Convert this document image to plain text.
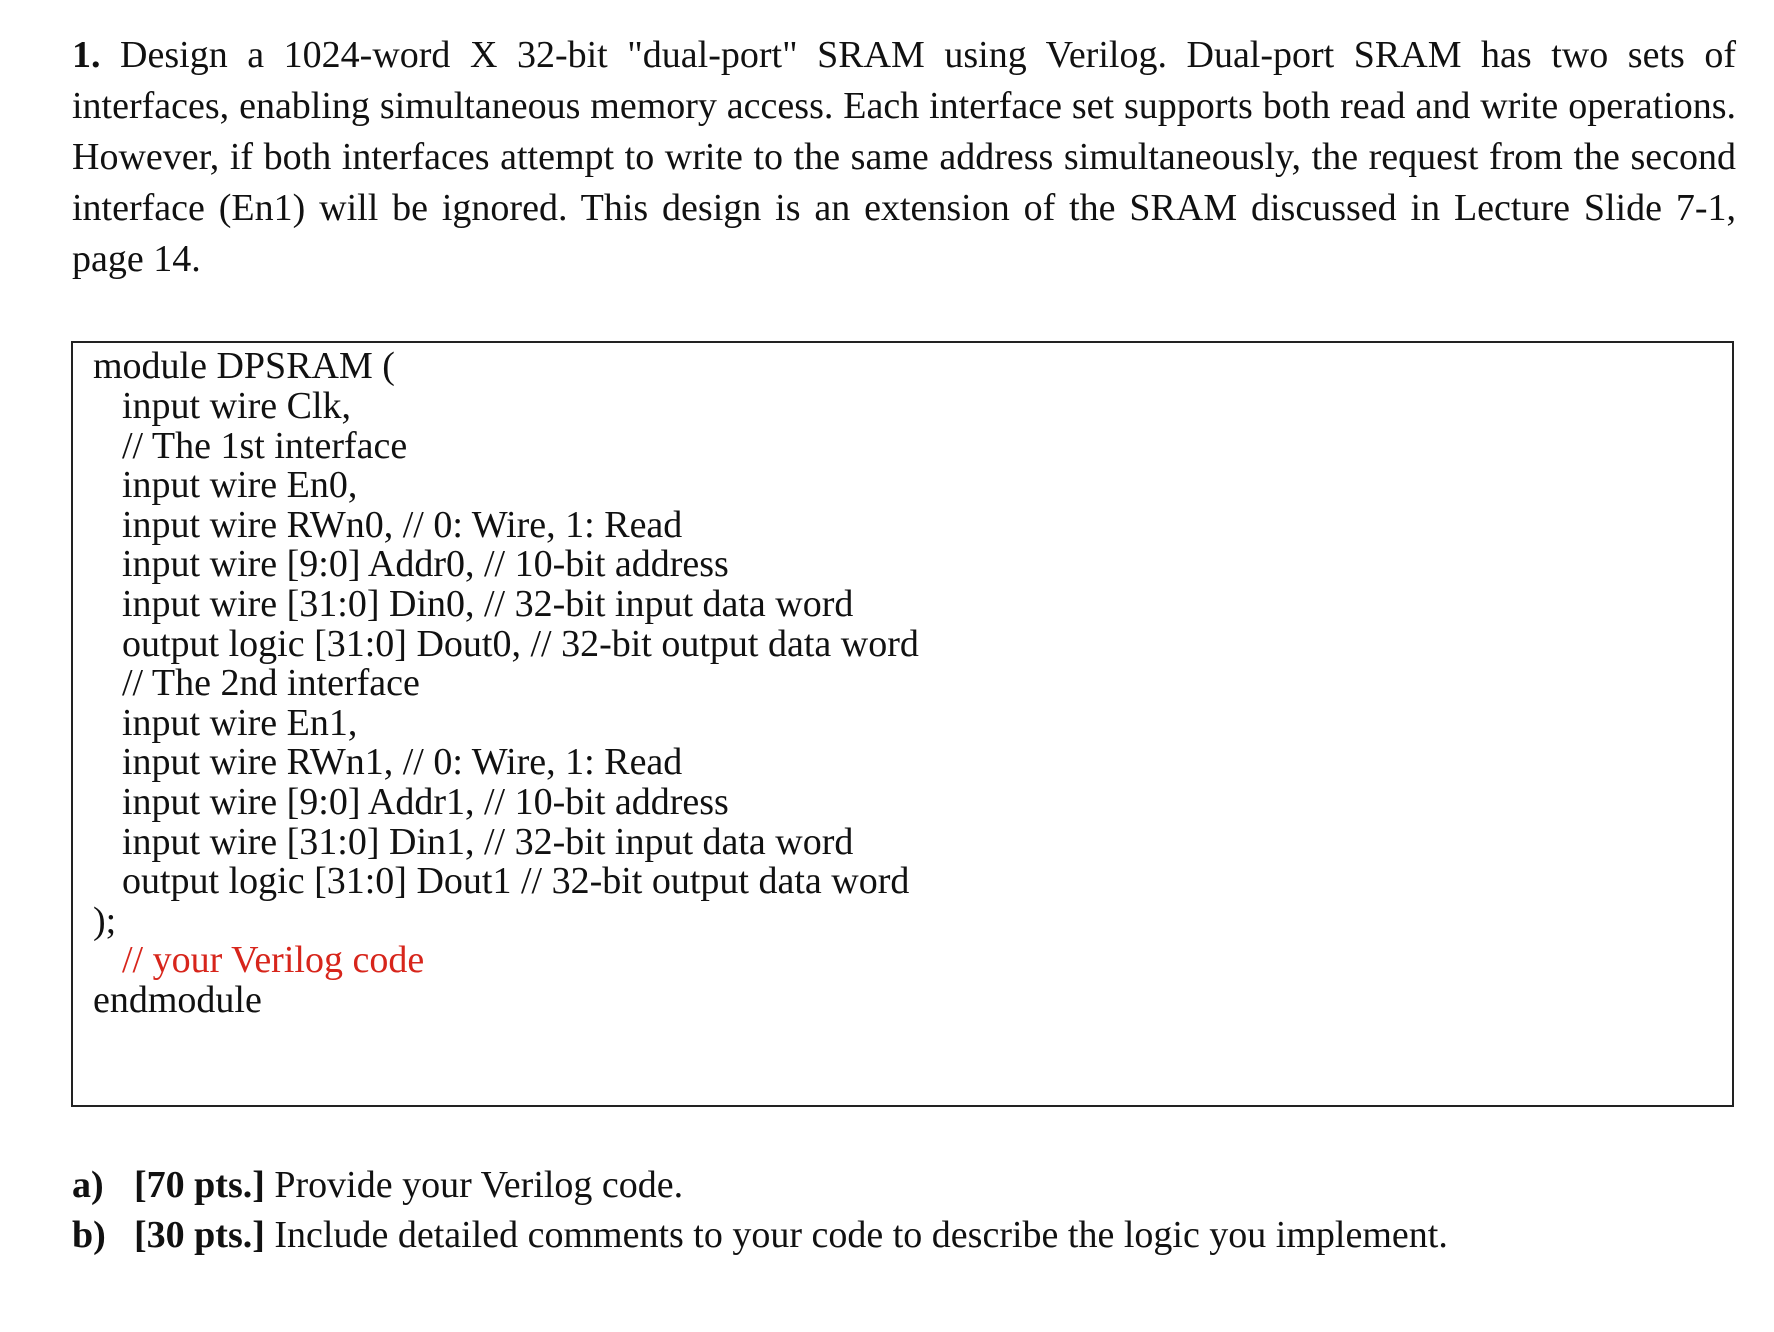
1. Design a 1024-word X 32-bit "dual-port" SRAM using Verilog. Dual-port SRAM has two sets of interfaces, enabling simultaneous memory access. Each interface set supports both read and write operations. However, if both interfaces attempt to write to the same address simultaneously, the request from the second interface (En1) will be ignored. This design is an extension of the SRAM discussed in Lecture Slide 7-1, page 14.

module DPSRAM (
input wire Clk,
// The 1st interface
input wire En0,
input wire RWn0, // 0: Wire, 1: Read
input wire [9:0] Addr0, // 10-bit address
input wire [31:0] Din0, // 32-bit input data word
output logic [31:0] Dout0, // 32-bit output data word
// The 2nd interface
input wire En1,
input wire RWn1, // 0: Wire, 1: Read
input wire [9:0] Addr1, // 10-bit address
input wire [31:0] Din1, // 32-bit input data word
output logic [31:0] Dout1 // 32-bit output data word
);
// your Verilog code
endmodule
a) [70 pts.] Provide your Verilog code.
b) [30 pts.] Include detailed comments to your code to describe the logic you implement.
